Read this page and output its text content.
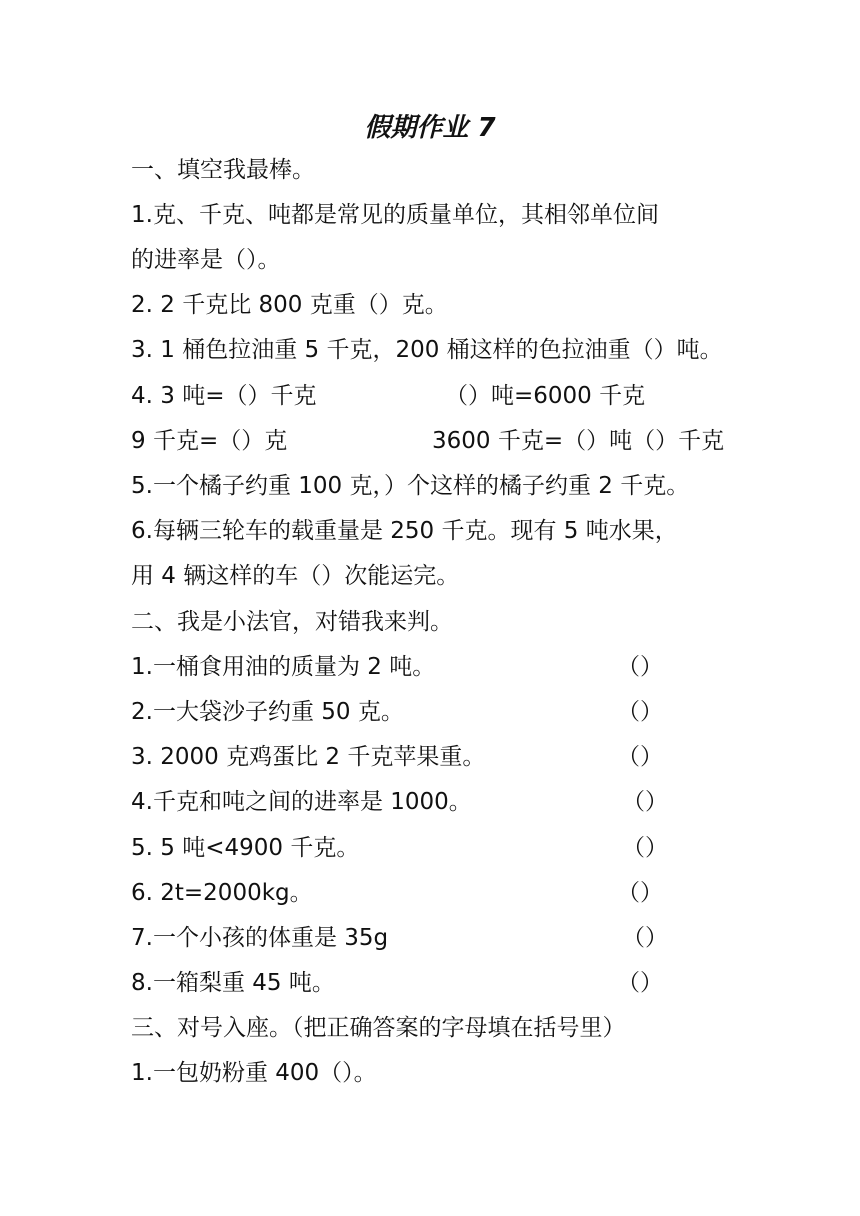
假期作业 7
一、填空我最棒。
1.克、千克、吨都是常见的质量单位，其相邻单位间
的进率是（）。
2. 2 千克比 800 克重（）克。
3. 1 桶色拉油重 5 千克，200 桶这样的色拉油重（）吨。
4. 3 吨=（）千克	（）吨=6000 千克
9 千克=（）克	3600 千克=（）吨（）千克
5.一个橘子约重 100 克，）个这样的橘子约重 2 千克。
6.每辆三轮车的载重量是 250 千克。现有 5 吨水果，
用 4 辆这样的车（）次能运完。
二、我是小法官，对错我来判。
1.一桶食用油的质量为 2 吨。	（）
2.一大袋沙子约重 50 克。	（）
3. 2000 克鸡蛋比 2 千克苹果重。	（）
4.千克和吨之间的进率是 1000。	（）
5. 5 吨<4900 千克。	（）
6. 2t=2000kg。	（）
7.一个小孩的体重是 35g	（）
8.一箱梨重 45 吨。	（）
三、对号入座。（把正确答案的字母填在括号里）
1.一包奶粉重 400（）。
